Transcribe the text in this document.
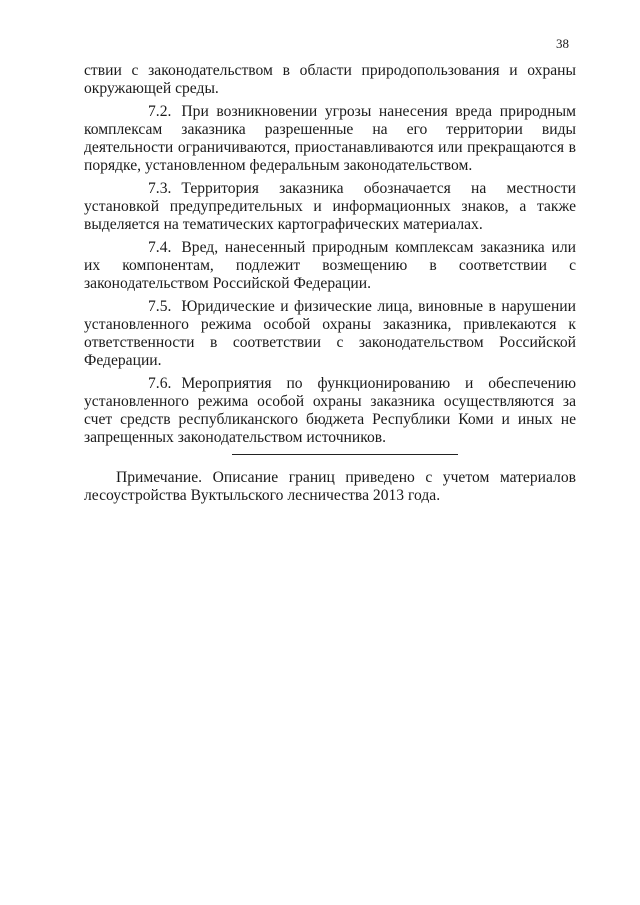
38

ствии с законодательством в области природопользования и охраны окружающей среды.

7.2. При возникновении угрозы нанесения вреда природным комплексам заказника разрешенные на его территории виды деятельности ограничиваются, приостанавливаются или прекращаются в порядке, установленном федеральным законодательством.

7.3. Территория заказника обозначается на местности установкой предупредительных и информационных знаков, а также выделяется на тематических картографических материалах.

7.4. Вред, нанесенный природным комплексам заказника или их компонентам, подлежит возмещению в соответствии с законодательством Российской Федерации.

7.5. Юридические и физические лица, виновные в нарушении установленного режима особой охраны заказника, привлекаются к ответственности в соответствии с законодательством Российской Федерации.

7.6. Мероприятия по функционированию и обеспечению установленного режима особой охраны заказника осуществляются за счет средств республиканского бюджета Республики Коми и иных не запрещенных законодательством источников.

Примечание. Описание границ приведено с учетом материалов лесоустройства Вуктыльского лесничества 2013 года.
